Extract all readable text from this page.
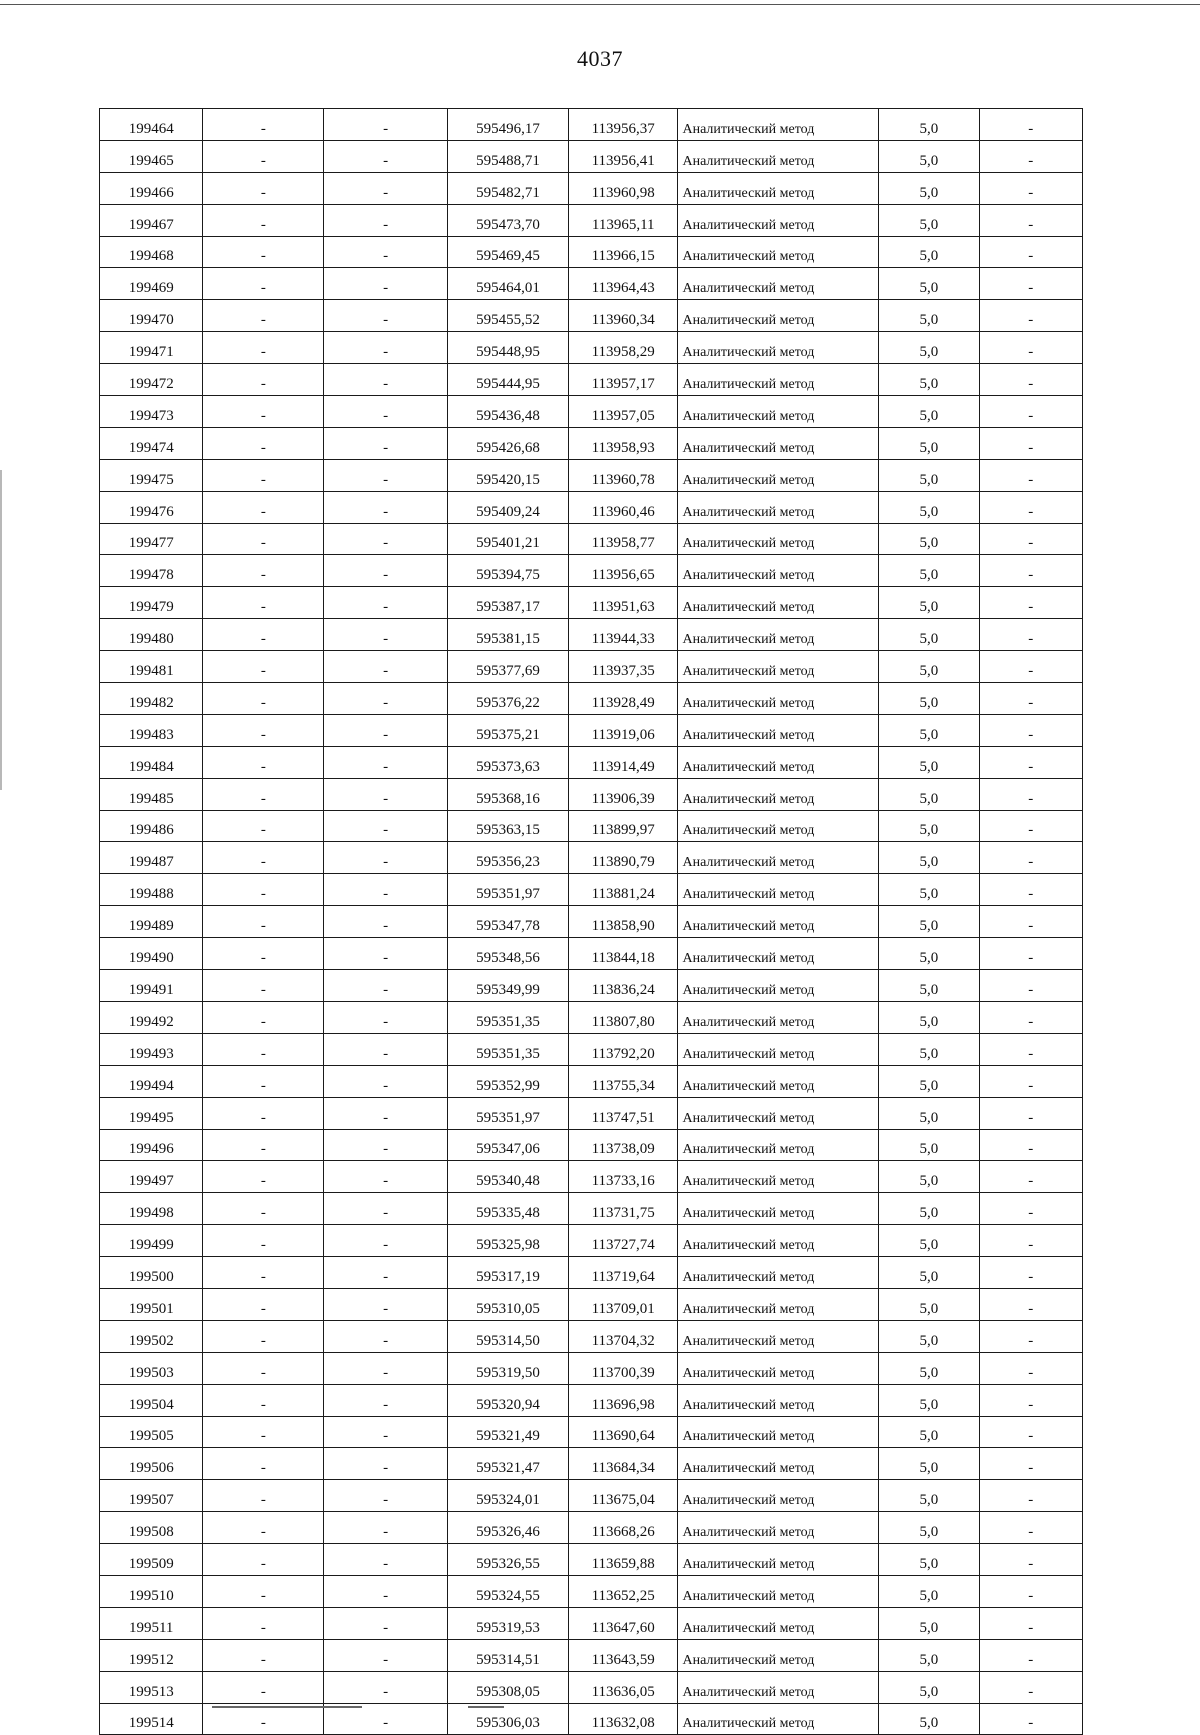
4037
199464	-	-	595496,17	113956,37	Аналитический метод	5,0	-
199465	-	-	595488,71	113956,41	Аналитический метод	5,0	-
199466	-	-	595482,71	113960,98	Аналитический метод	5,0	-
199467	-	-	595473,70	113965,11	Аналитический метод	5,0	-
199468	-	-	595469,45	113966,15	Аналитический метод	5,0	-
199469	-	-	595464,01	113964,43	Аналитический метод	5,0	-
199470	-	-	595455,52	113960,34	Аналитический метод	5,0	-
199471	-	-	595448,95	113958,29	Аналитический метод	5,0	-
199472	-	-	595444,95	113957,17	Аналитический метод	5,0	-
199473	-	-	595436,48	113957,05	Аналитический метод	5,0	-
199474	-	-	595426,68	113958,93	Аналитический метод	5,0	-
199475	-	-	595420,15	113960,78	Аналитический метод	5,0	-
199476	-	-	595409,24	113960,46	Аналитический метод	5,0	-
199477	-	-	595401,21	113958,77	Аналитический метод	5,0	-
199478	-	-	595394,75	113956,65	Аналитический метод	5,0	-
199479	-	-	595387,17	113951,63	Аналитический метод	5,0	-
199480	-	-	595381,15	113944,33	Аналитический метод	5,0	-
199481	-	-	595377,69	113937,35	Аналитический метод	5,0	-
199482	-	-	595376,22	113928,49	Аналитический метод	5,0	-
199483	-	-	595375,21	113919,06	Аналитический метод	5,0	-
199484	-	-	595373,63	113914,49	Аналитический метод	5,0	-
199485	-	-	595368,16	113906,39	Аналитический метод	5,0	-
199486	-	-	595363,15	113899,97	Аналитический метод	5,0	-
199487	-	-	595356,23	113890,79	Аналитический метод	5,0	-
199488	-	-	595351,97	113881,24	Аналитический метод	5,0	-
199489	-	-	595347,78	113858,90	Аналитический метод	5,0	-
199490	-	-	595348,56	113844,18	Аналитический метод	5,0	-
199491	-	-	595349,99	113836,24	Аналитический метод	5,0	-
199492	-	-	595351,35	113807,80	Аналитический метод	5,0	-
199493	-	-	595351,35	113792,20	Аналитический метод	5,0	-
199494	-	-	595352,99	113755,34	Аналитический метод	5,0	-
199495	-	-	595351,97	113747,51	Аналитический метод	5,0	-
199496	-	-	595347,06	113738,09	Аналитический метод	5,0	-
199497	-	-	595340,48	113733,16	Аналитический метод	5,0	-
199498	-	-	595335,48	113731,75	Аналитический метод	5,0	-
199499	-	-	595325,98	113727,74	Аналитический метод	5,0	-
199500	-	-	595317,19	113719,64	Аналитический метод	5,0	-
199501	-	-	595310,05	113709,01	Аналитический метод	5,0	-
199502	-	-	595314,50	113704,32	Аналитический метод	5,0	-
199503	-	-	595319,50	113700,39	Аналитический метод	5,0	-
199504	-	-	595320,94	113696,98	Аналитический метод	5,0	-
199505	-	-	595321,49	113690,64	Аналитический метод	5,0	-
199506	-	-	595321,47	113684,34	Аналитический метод	5,0	-
199507	-	-	595324,01	113675,04	Аналитический метод	5,0	-
199508	-	-	595326,46	113668,26	Аналитический метод	5,0	-
199509	-	-	595326,55	113659,88	Аналитический метод	5,0	-
199510	-	-	595324,55	113652,25	Аналитический метод	5,0	-
199511	-	-	595319,53	113647,60	Аналитический метод	5,0	-
199512	-	-	595314,51	113643,59	Аналитический метод	5,0	-
199513	-	-	595308,05	113636,05	Аналитический метод	5,0	-
199514	-	-	595306,03	113632,08	Аналитический метод	5,0	-
